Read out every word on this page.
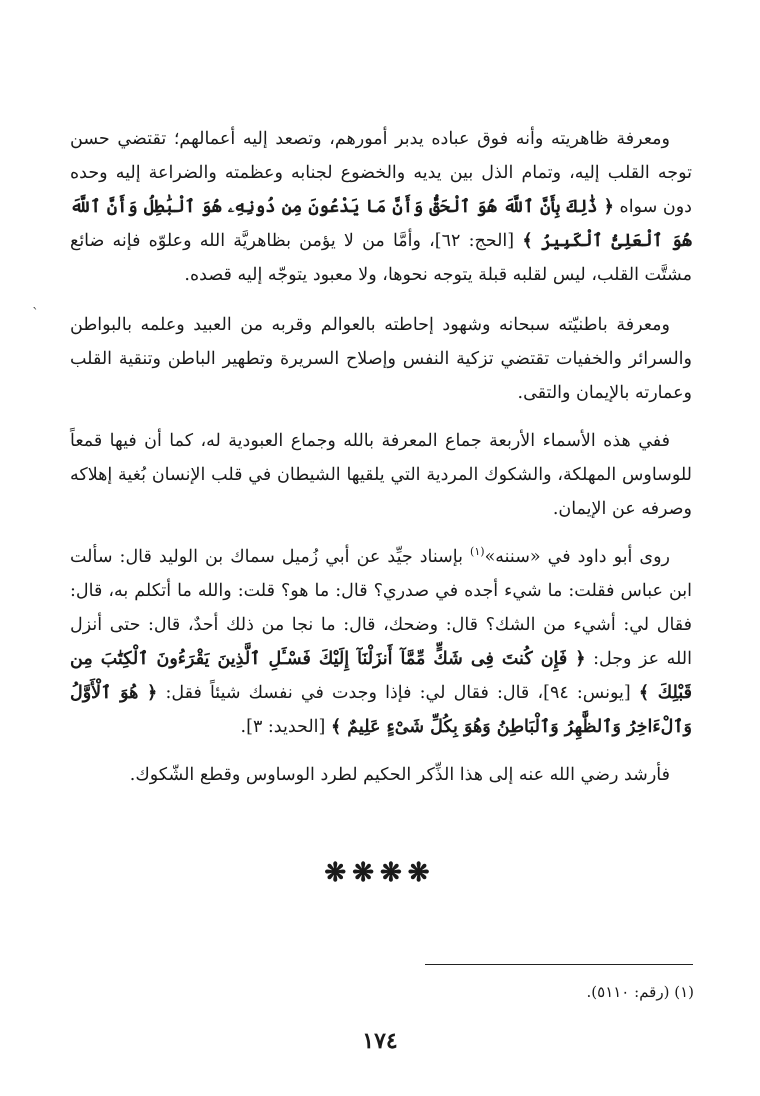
`

ومعرفة ظاهريته وأنه فوق عباده يدبر أمورهم، وتصعد إليه أعمالهم؛ تقتضي حسن توجه القلب إليه، وتمام الذل بين يديه والخضوع لجنابه وعظمته والضراعة إليه وحده دون سواه ﴿ ذَٰلِكَ بِأَنَّ ٱللَّهَ هُوَ ٱلْحَقُّ وَأَنَّ مَا يَدْعُونَ مِن دُونِهِۦ هُوَ ٱلْبَٰطِلُ وَأَنَّ ٱللَّهَ هُوَ ٱلْعَلِىُّ ٱلْكَبِيرُ ﴾ [الحج: ٦٢]، وأمَّا من لا يؤمن بظاهريَّة الله وعلوّه فإنه ضائع مشتَّت القلب، ليس لقلبه قبلة يتوجه نحوها، ولا معبود يتوجّه إليه قصده.

ومعرفة باطنيّته سبحانه وشهود إحاطته بالعوالم وقربه من العبيد وعلمه بالبواطن والسرائر والخفيات تقتضي تزكية النفس وإصلاح السريرة وتطهير الباطن وتنقية القلب وعمارته بالإيمان والتقى.

ففي هذه الأسماء الأربعة جماع المعرفة بالله وجماع العبودية له، كما أن فيها قمعاً للوساوس المهلكة، والشكوك المردية التي يلقيها الشيطان في قلب الإنسان بُغية إهلاكه وصرفه عن الإيمان.

روى أبو داود في «سننه»$^{(١)}$ بإسناد جيِّد عن أبي زُميل سماك بن الوليد قال: سألت ابن عباس فقلت: ما شيء أجده في صدري؟ قال: ما هو؟ قلت: والله ما أتكلم به، قال: فقال لي: أشيء من الشك؟ قال: وضحك، قال: ما نجا من ذلك أحدٌ، قال: حتى أنزل الله عز وجل: ﴿ فَإِن كُنتَ فِى شَكٍّ مِّمَّآ أَنزَلْنَآ إِلَيْكَ فَسْـَٔلِ ٱلَّذِينَ يَقْرَءُونَ ٱلْكِتَٰبَ مِن قَبْلِكَ ﴾ [يونس: ٩٤]، قال: فقال لي: فإذا وجدت في نفسك شيئاً فقل: ﴿ هُوَ ٱلْأَوَّلُ وَٱلْءَاخِرُ وَٱلظَّٰهِرُ وَٱلْبَاطِنُ وَهُوَ بِكُلِّ شَىْءٍ عَلِيمٌ ﴾ [الحديد: ٣].

فأرشد رضي الله عنه إلى هذا الذِّكر الحكيم لطرد الوساوس وقطع الشّكوك.

❋❋❋❋
(١) (رقم: ٥١١٠).
١٧٤
